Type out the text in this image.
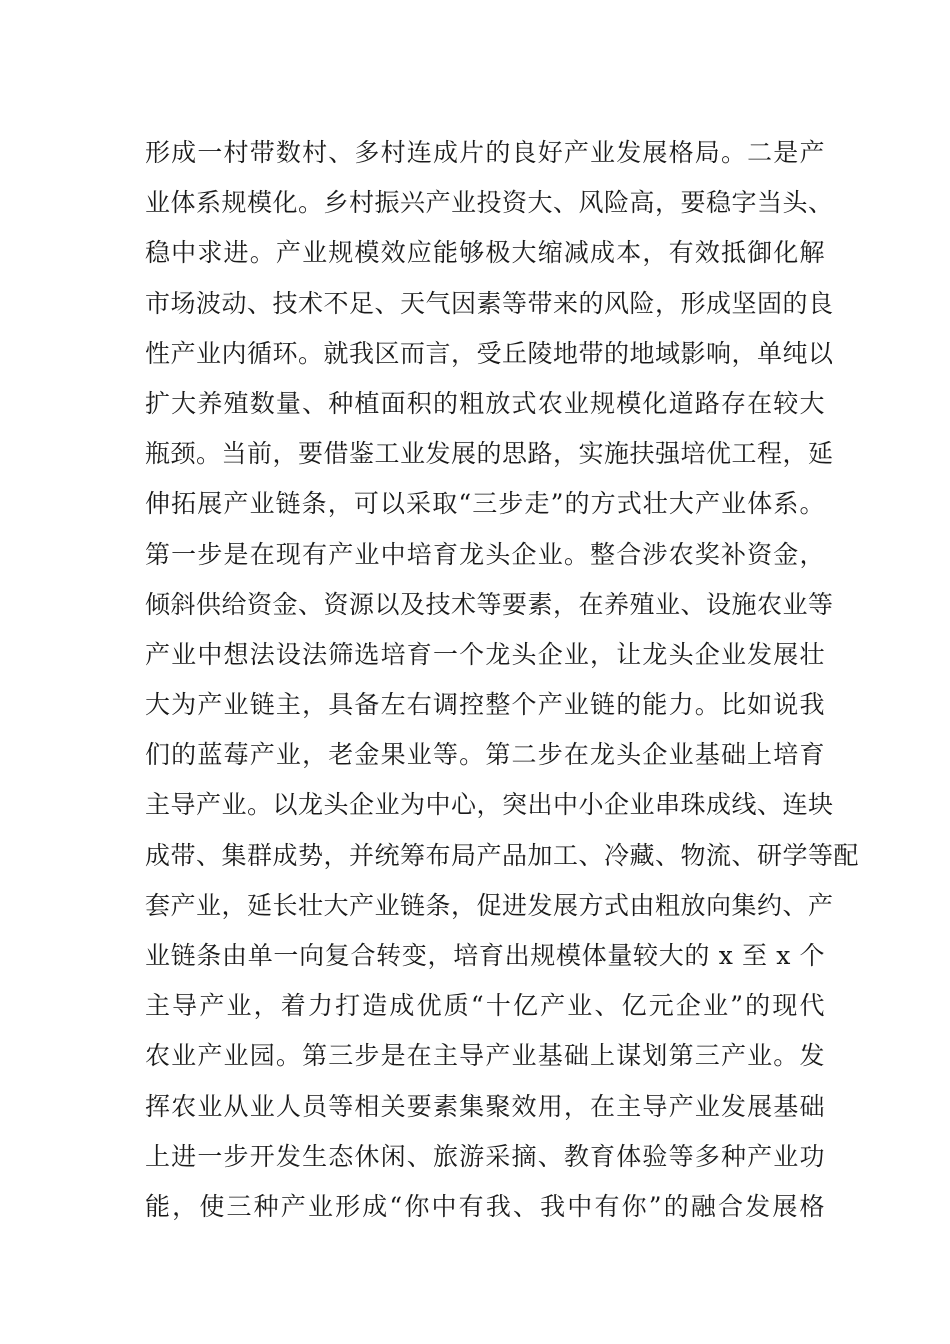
形成一村带数村、多村连成片的良好产业发展格局。二是产
业体系规模化。乡村振兴产业投资大、风险高，要稳字当头、
稳中求进。产业规模效应能够极大缩减成本，有效抵御化解
市场波动、技术不足、天气因素等带来的风险，形成坚固的良
性产业内循环。就我区而言，受丘陵地带的地域影响，单纯以
扩大养殖数量、种植面积的粗放式农业规模化道路存在较大
瓶颈。当前，要借鉴工业发展的思路，实施扶强培优工程，延
伸拓展产业链条，可以采取“三步走”的方式壮大产业体系。
第一步是在现有产业中培育龙头企业。整合涉农奖补资金，
倾斜供给资金、资源以及技术等要素，在养殖业、设施农业等
产业中想法设法筛选培育一个龙头企业，让龙头企业发展壮
大为产业链主，具备左右调控整个产业链的能力。比如说我
们的蓝莓产业，老金果业等。第二步在龙头企业基础上培育
主导产业。以龙头企业为中心，突出中小企业串珠成线、连块
成带、集群成势，并统筹布局产品加工、冷藏、物流、研学等配
套产业，延长壮大产业链条，促进发展方式由粗放向集约、产
业链条由单一向复合转变，培育出规模体量较大的 x 至 x 个
主导产业，着力打造成优质“十亿产业、亿元企业”的现代
农业产业园。第三步是在主导产业基础上谋划第三产业。发
挥农业从业人员等相关要素集聚效用，在主导产业发展基础
上进一步开发生态休闲、旅游采摘、教育体验等多种产业功
能，使三种产业形成“你中有我、我中有你”的融合发展格
